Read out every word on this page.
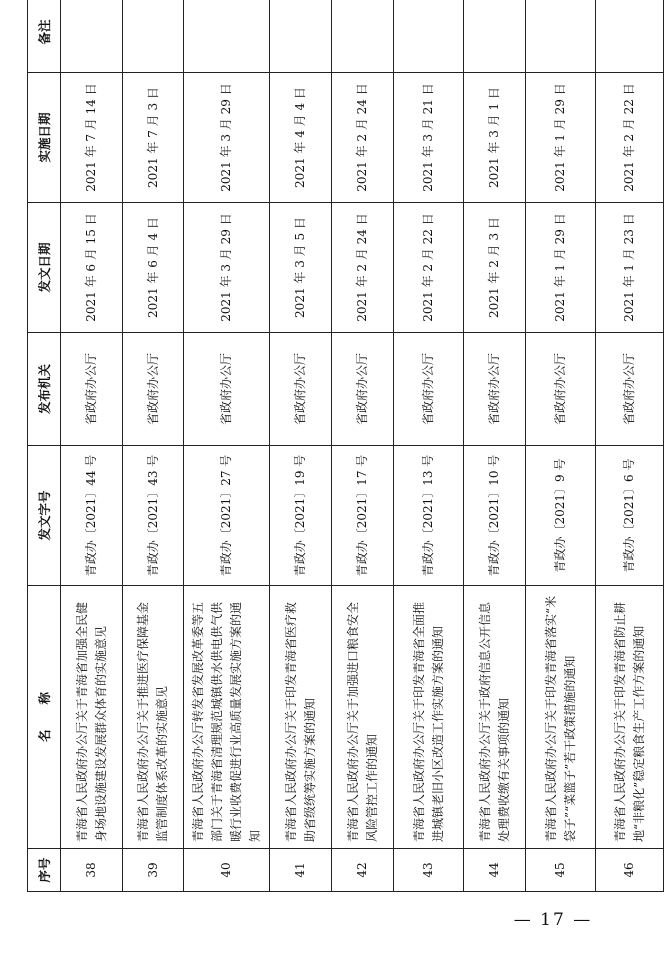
序号	名　　称	发文字号	发布机关	发文日期	实施日期	备注
38	青海省人民政府办公厅关于青海省加强全民健身场地设施建设发展群众体育的实施意见	青政办〔2021〕44 号	省政府办公厅	2021 年 6 月 15 日	2021 年 7 月 14 日	
39	青海省人民政府办公厅关于推进医疗保障基金监管制度体系改革的实施意见	青政办〔2021〕43 号	省政府办公厅	2021 年 6 月 4 日	2021 年 7 月 3 日	
40	青海省人民政府办公厅转发省发展改革委等五部门关于青海省清理规范城镇供水供电供气供暖行业收费促进行业高质量发展实施方案的通知	青政办〔2021〕27 号	省政府办公厅	2021 年 3 月 29 日	2021 年 3 月 29 日	
41	青海省人民政府办公厅关于印发青海省医疗救助省级统筹实施方案的通知	青政办〔2021〕19 号	省政府办公厅	2021 年 3 月 5 日	2021 年 4 月 4 日	
42	青海省人民政府办公厅关于加强进口粮食安全风险管控工作的通知	青政办〔2021〕17 号	省政府办公厅	2021 年 2 月 24 日	2021 年 2 月 24 日	
43	青海省人民政府办公厅关于印发青海省全面推进城镇老旧小区改造工作实施方案的通知	青政办〔2021〕13 号	省政府办公厅	2021 年 2 月 22 日	2021 年 3 月 21 日	
44	青海省人民政府办公厅关于政府信息公开信息处理费收缴有关事项的通知	青政办〔2021〕10 号	省政府办公厅	2021 年 2 月 3 日	2021 年 3 月 1 日	
45	青海省人民政府办公厅关于印发青海省落实“米袋子”“菜篮子”若干政策措施的通知	青政办〔2021〕9 号	省政府办公厅	2021 年 1 月 29 日	2021 年 1 月 29 日	
46	青海省人民政府办公厅关于印发青海省防止耕地“非粮化”稳定粮食生产工作方案的通知	青政办〔2021〕6 号	省政府办公厅	2021 年 1 月 23 日	2021 年 2 月 22 日	
— 17 —
